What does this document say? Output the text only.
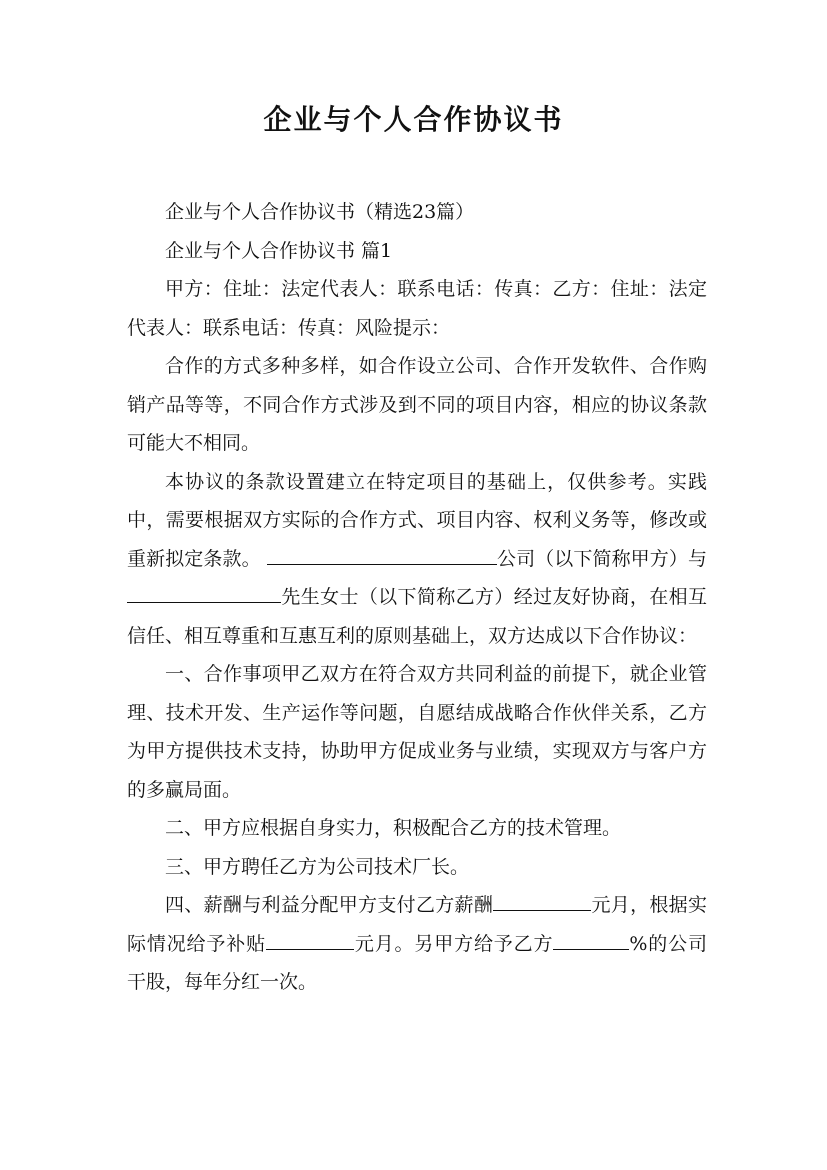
企业与个人合作协议书

企业与个人合作协议书（精选23篇）

企业与个人合作协议书 篇1

甲方：住址：法定代表人：联系电话：传真：乙方：住址：法定代表人：联系电话：传真：风险提示：

合作的方式多种多样，如合作设立公司、合作开发软件、合作购销产品等等，不同合作方式涉及到不同的项目内容，相应的协议条款可能大不相同。

本协议的条款设置建立在特定项目的基础上，仅供参考。实践中，需要根据双方实际的合作方式、项目内容、权利义务等，修改或重新拟定条款。	公司（以下简称甲方）与先生女士（以下简称乙方）经过友好协商，在相互信任、相互尊重和互惠互利的原则基础上，双方达成以下合作协议：

一、合作事项甲乙双方在符合双方共同利益的前提下，就企业管理、技术开发、生产运作等问题，自愿结成战略合作伙伴关系，乙方为甲方提供技术支持，协助甲方促成业务与业绩，实现双方与客户方的多赢局面。

二、甲方应根据自身实力，积极配合乙方的技术管理。

三、甲方聘任乙方为公司技术厂长。

四、薪酬与利益分配甲方支付乙方薪酬	元月，根据实际情况给予补贴	元月。另甲方给予乙方	%的公司干股，每年分红一次。
